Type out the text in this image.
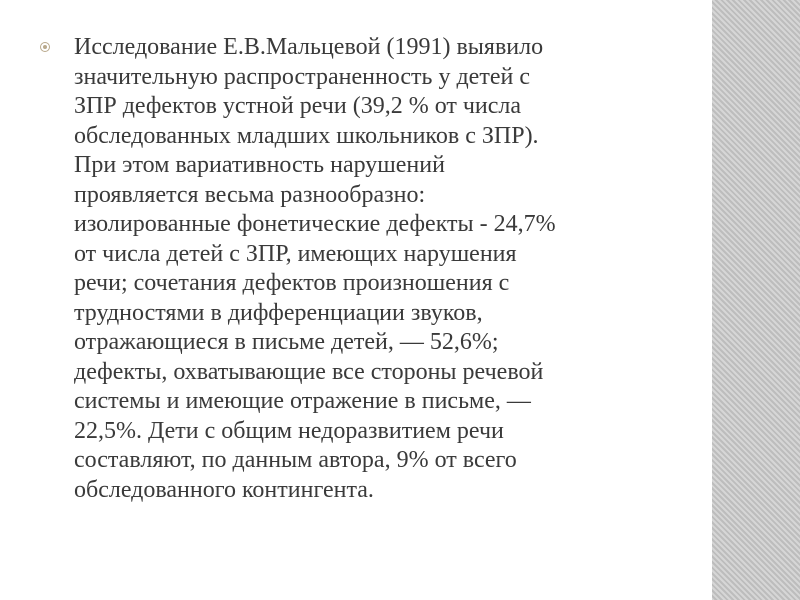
Исследование Е.В.Мальцевой (1991) выявило
значительную распространенность у детей с
ЗПР дефектов устной речи (39,2 % от числа
обследованных младших школьников с ЗПР).
При этом вариативность нарушений
проявляется весьма разнообразно:
изолированные фонетические дефекты - 24,7%
от числа детей с ЗПР, имеющих нарушения
речи; сочетания дефектов произношения с
трудностями в дифференциации звуков,
отражающиеся в письме детей, — 52,6%;
дефекты, охватывающие все стороны речевой
системы и имеющие отражение в письме, —
22,5%. Дети с общим недоразвитием речи
составляют, по данным автора, 9% от всего
обследованного контингента.
